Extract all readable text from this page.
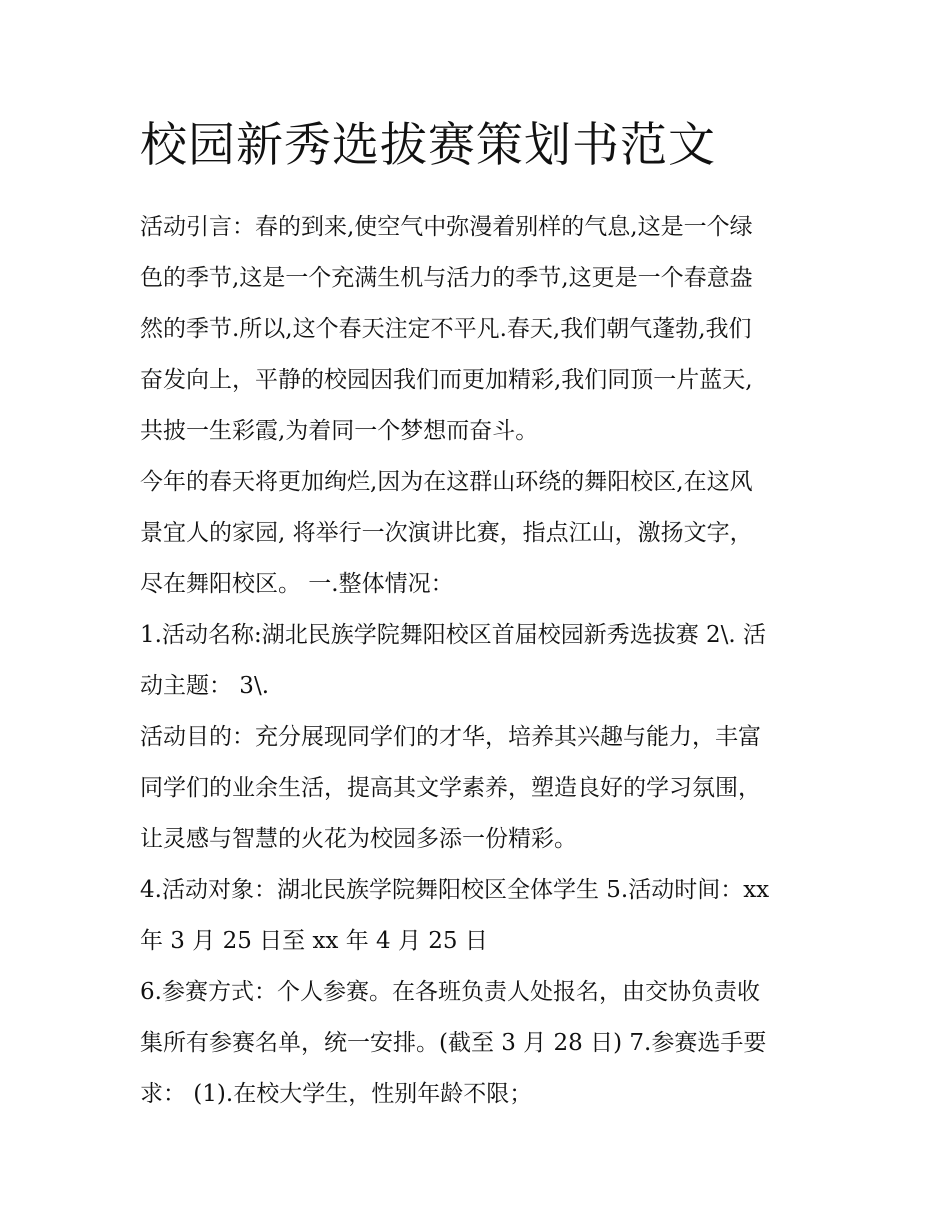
校园新秀选拔赛策划书范文
活动引言：春的到来,使空气中弥漫着别样的气息,这是一个绿
色的季节,这是一个充满生机与活力的季节,这更是一个春意盎
然的季节.所以,这个春天注定不平凡.春天,我们朝气蓬勃,我们
奋发向上，平静的校园因我们而更加精彩,我们同顶一片蓝天,
共披一生彩霞,为着同一个梦想而奋斗。
今年的春天将更加绚烂,因为在这群山环绕的舞阳校区,在这风
景宜人的家园, 将举行一次演讲比赛，指点江山，激扬文字，
尽在舞阳校区。 一.整体情况：
1.活动名称:湖北民族学院舞阳校区首届校园新秀选拔赛 2\. 活
动主题： 3\.
活动目的：充分展现同学们的才华，培养其兴趣与能力，丰富
同学们的业余生活，提高其文学素养，塑造良好的学习氛围，
让灵感与智慧的火花为校园多添一份精彩。
4.活动对象：湖北民族学院舞阳校区全体学生 5.活动时间：xx
年 3 月 25 日至 xx 年 4 月 25 日
6.参赛方式：个人参赛。在各班负责人处报名，由交协负责收
集所有参赛名单，统一安排。(截至 3 月 28 日) 7.参赛选手要
求： (1).在校大学生，性别年龄不限；
